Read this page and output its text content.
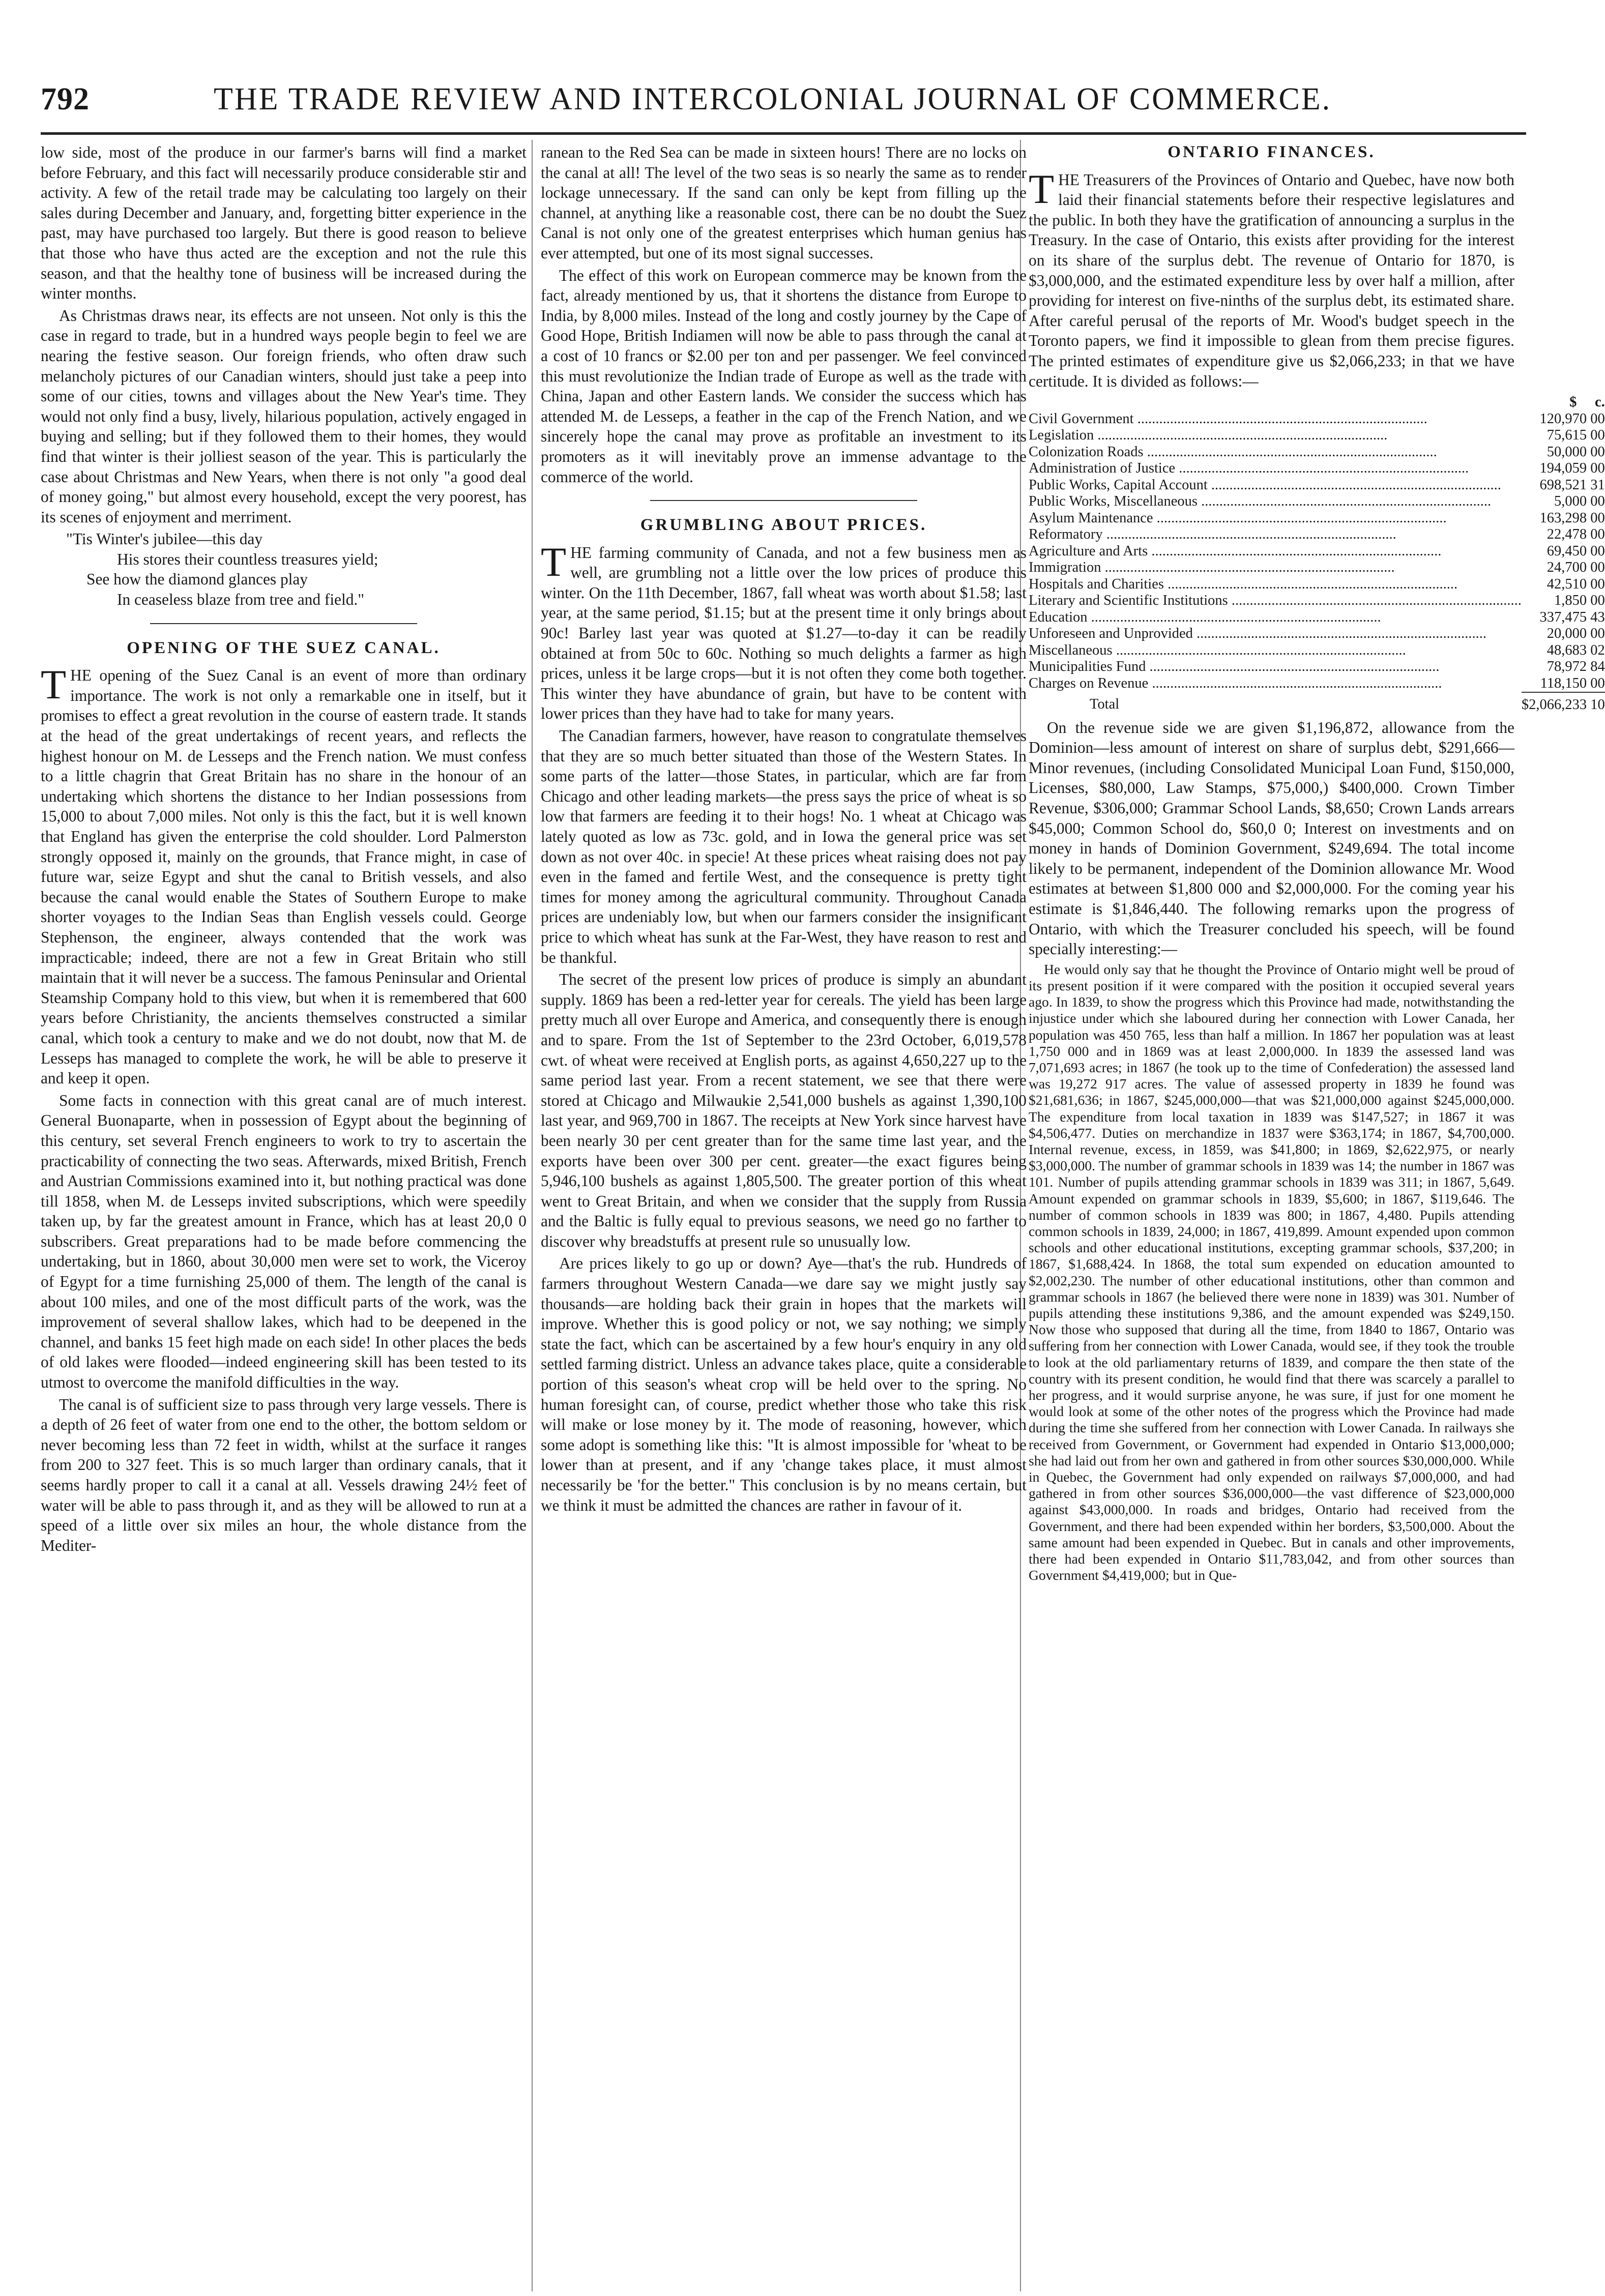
792	THE TRADE REVIEW AND INTERCOLONIAL JOURNAL OF COMMERCE.

low side, most of the produce in our farmer's barns will find a market before February, and this fact will necessarily produce considerable stir and activity. A few of the retail trade may be calculating too largely on their sales during December and January, and, forgetting bitter experience in the past, may have purchased too largely. But there is good reason to believe that those who have thus acted are the exception and not the rule this season, and that the healthy tone of business will be increased during the winter months.

As Christmas draws near, its effects are not unseen. Not only is this the case in regard to trade, but in a hundred ways people begin to feel we are nearing the festive season. Our foreign friends, who often draw such melancholy pictures of our Canadian winters, should just take a peep into some of our cities, towns and villages about the New Year's time. They would not only find a busy, lively, hilarious population, actively engaged in buying and selling; but if they followed them to their homes, they would find that winter is their jolliest season of the year. This is particularly the case about Christmas and New Years, when there is not only "a good deal of money going," but almost every household, except the very poorest, has its scenes of enjoyment and merriment.

"Tis Winter's jubilee—this day
His stores their countless treasures yield;
See how the diamond glances play
In ceaseless blaze from tree and field."
OPENING OF THE SUEZ CANAL.

THE opening of the Suez Canal is an event of more than ordinary importance. The work is not only a remarkable one in itself, but it promises to effect a great revolution in the course of eastern trade. It stands at the head of the great undertakings of recent years, and reflects the highest honour on M. de Lesseps and the French nation. We must confess to a little chagrin that Great Britain has no share in the honour of an undertaking which shortens the distance to her Indian possessions from 15,000 to about 7,000 miles. Not only is this the fact, but it is well known that England has given the enterprise the cold shoulder. Lord Palmerston strongly opposed it, mainly on the grounds, that France might, in case of future war, seize Egypt and shut the canal to British vessels, and also because the canal would enable the States of Southern Europe to make shorter voyages to the Indian Seas than English vessels could. George Stephenson, the engineer, always contended that the work was impracticable; indeed, there are not a few in Great Britain who still maintain that it will never be a success. The famous Peninsular and Oriental Steamship Company hold to this view, but when it is remembered that 600 years before Christianity, the ancients themselves constructed a similar canal, which took a century to make and we do not doubt, now that M. de Lesseps has managed to complete the work, he will be able to preserve it and keep it open.

Some facts in connection with this great canal are of much interest. General Buonaparte, when in possession of Egypt about the beginning of this century, set several French engineers to work to try to ascertain the practicability of connecting the two seas. Afterwards, mixed British, French and Austrian Commissions examined into it, but nothing practical was done till 1858, when M. de Lesseps invited subscriptions, which were speedily taken up, by far the greatest amount in France, which has at least 20,0 0 subscribers. Great preparations had to be made before commencing the undertaking, but in 1860, about 30,000 men were set to work, the Viceroy of Egypt for a time furnishing 25,000 of them. The length of the canal is about 100 miles, and one of the most difficult parts of the work, was the improvement of several shallow lakes, which had to be deepened in the channel, and banks 15 feet high made on each side! In other places the beds of old lakes were flooded—indeed engineering skill has been tested to its utmost to overcome the manifold difficulties in the way.

The canal is of sufficient size to pass through very large vessels. There is a depth of 26 feet of water from one end to the other, the bottom seldom or never becoming less than 72 feet in width, whilst at the surface it ranges from 200 to 327 feet. This is so much larger than ordinary canals, that it seems hardly proper to call it a canal at all. Vessels drawing 24½ feet of water will be able to pass through it, and as they will be allowed to run at a speed of a little over six miles an hour, the whole distance from the Mediter-

ranean to the Red Sea can be made in sixteen hours! There are no locks on the canal at all! The level of the two seas is so nearly the same as to render lockage unnecessary. If the sand can only be kept from filling up the channel, at anything like a reasonable cost, there can be no doubt the Suez Canal is not only one of the greatest enterprises which human genius has ever attempted, but one of its most signal successes.

The effect of this work on European commerce may be known from the fact, already mentioned by us, that it shortens the distance from Europe to India, by 8,000 miles. Instead of the long and costly journey by the Cape of Good Hope, British Indiamen will now be able to pass through the canal at a cost of 10 francs or $2.00 per ton and per passenger. We feel convinced this must revolutionize the Indian trade of Europe as well as the trade with China, Japan and other Eastern lands. We consider the success which has attended M. de Lesseps, a feather in the cap of the French Nation, and we sincerely hope the canal may prove as profitable an investment to its promoters as it will inevitably prove an immense advantage to the commerce of the world.

GRUMBLING ABOUT PRICES.

THE farming community of Canada, and not a few business men as well, are grumbling not a little over the low prices of produce this winter. On the 11th December, 1867, fall wheat was worth about $1.58; last year, at the same period, $1.15; but at the present time it only brings about 90c! Barley last year was quoted at $1.27—to-day it can be readily obtained at from 50c to 60c. Nothing so much delights a farmer as high prices, unless it be large crops—but it is not often they come both together. This winter they have abundance of grain, but have to be content with lower prices than they have had to take for many years.

The Canadian farmers, however, have reason to congratulate themselves that they are so much better situated than those of the Western States. In some parts of the latter—those States, in particular, which are far from Chicago and other leading markets—the press says the price of wheat is so low that farmers are feeding it to their hogs! No. 1 wheat at Chicago was lately quoted as low as 73c. gold, and in Iowa the general price was set down as not over 40c. in specie! At these prices wheat raising does not pay even in the famed and fertile West, and the consequence is pretty tight times for money among the agricultural community. Throughout Canada prices are undeniably low, but when our farmers consider the insignificant price to which wheat has sunk at the Far-West, they have reason to rest and be thankful.

The secret of the present low prices of produce is simply an abundant supply. 1869 has been a red-letter year for cereals. The yield has been large pretty much all over Europe and America, and consequently there is enough and to spare. From the 1st of September to the 23rd October, 6,019,578 cwt. of wheat were received at English ports, as against 4,650,227 up to the same period last year. From a recent statement, we see that there were stored at Chicago and Milwaukie 2,541,000 bushels as against 1,390,100 last year, and 969,700 in 1867. The receipts at New York since harvest have been nearly 30 per cent greater than for the same time last year, and the exports have been over 300 per cent. greater—the exact figures being 5,946,100 bushels as against 1,805,500. The greater portion of this wheat went to Great Britain, and when we consider that the supply from Russia and the Baltic is fully equal to previous seasons, we need go no farther to discover why breadstuffs at present rule so unusually low.

Are prices likely to go up or down? Aye—that's the rub. Hundreds of farmers throughout Western Canada—we dare say we might justly say thousands—are holding back their grain in hopes that the markets will improve. Whether this is good policy or not, we say nothing; we simply state the fact, which can be ascertained by a few hour's enquiry in any old settled farming district. Unless an advance takes place, quite a considerable portion of this season's wheat crop will be held over to the spring. No human foresight can, of course, predict whether those who take this risk will make or lose money by it. The mode of reasoning, however, which some adopt is something like this: "It is almost impossible for 'wheat to be lower than at present, and if any 'change takes place, it must almost necessarily be 'for the better." This conclusion is by no means certain, but we think it must be admitted the chances are rather in favour of it.

ONTARIO FINANCES.

THE Treasurers of the Provinces of Ontario and Quebec, have now both laid their financial statements before their respective legislatures and the public. In both they have the gratification of announcing a surplus in the Treasury. In the case of Ontario, this exists after providing for the interest on its share of the surplus debt. The revenue of Ontario for 1870, is $3,000,000, and the estimated expenditure less by over half a million, after providing for interest on five-ninths of the surplus debt, its estimated share. After careful perusal of the reports of Mr. Wood's budget speech in the Toronto papers, we find it impossible to glean from them precise figures. The printed estimates of expenditure give us $2,066,233; in that we have certitude. It is divided as follows:—

	$ c.
Civil Government ................................................................................	120,970 00
Legislation ................................................................................	75,615 00
Colonization Roads ................................................................................	50,000 00
Administration of Justice ................................................................................	194,059 00
Public Works, Capital Account ................................................................................	698,521 31
Public Works, Miscellaneous ................................................................................	5,000 00
Asylum Maintenance ................................................................................	163,298 00
Reformatory ................................................................................	22,478 00
Agriculture and Arts ................................................................................	69,450 00
Immigration ................................................................................	24,700 00
Hospitals and Charities ................................................................................	42,510 00
Literary and Scientific Institutions ................................................................................	1,850 00
Education ................................................................................	337,475 43
Unforeseen and Unprovided ................................................................................	20,000 00
Miscellaneous ................................................................................	48,683 02
Municipalities Fund ................................................................................	78,972 84
Charges on Revenue ................................................................................	118,150 00
Total	$2,066,233 10

On the revenue side we are given $1,196,872, allowance from the Dominion—less amount of interest on share of surplus debt, $291,666—Minor revenues, (including Consolidated Municipal Loan Fund, $150,000, Licenses, $80,000, Law Stamps, $75,000,) $400,000. Crown Timber Revenue, $306,000; Grammar School Lands, $8,650; Crown Lands arrears $45,000; Common School do, $60,0 0; Interest on investments and on money in hands of Dominion Government, $249,694. The total income likely to be permanent, independent of the Dominion allowance Mr. Wood estimates at between $1,800 000 and $2,000,000. For the coming year his estimate is $1,846,440. The following remarks upon the progress of Ontario, with which the Treasurer concluded his speech, will be found specially interesting:—

He would only say that he thought the Province of Ontario might well be proud of its present position if it were compared with the position it occupied several years ago. In 1839, to show the progress which this Province had made, notwithstanding the injustice under which she laboured during her connection with Lower Canada, her population was 450 765, less than half a million. In 1867 her population was at least 1,750 000 and in 1869 was at least 2,000,000. In 1839 the assessed land was 7,071,693 acres; in 1867 (he took up to the time of Confederation) the assessed land was 19,272 917 acres. The value of assessed property in 1839 he found was $21,681,636; in 1867, $245,000,000—that was $21,000,000 against $245,000,000. The expenditure from local taxation in 1839 was $147,527; in 1867 it was $4,506,477. Duties on merchandize in 1837 were $363,174; in 1867, $4,700,000. Internal revenue, excess, in 1859, was $41,800; in 1869, $2,622,975, or nearly $3,000,000. The number of grammar schools in 1839 was 14; the number in 1867 was 101. Number of pupils attending grammar schools in 1839 was 311; in 1867, 5,649. Amount expended on grammar schools in 1839, $5,600; in 1867, $119,646. The number of common schools in 1839 was 800; in 1867, 4,480. Pupils attending common schools in 1839, 24,000; in 1867, 419,899. Amount expended upon common schools and other educational institutions, excepting grammar schools, $37,200; in 1867, $1,688,424. In 1868, the total sum expended on education amounted to $2,002,230. The number of other educational institutions, other than common and grammar schools in 1867 (he believed there were none in 1839) was 301. Number of pupils attending these institutions 9,386, and the amount expended was $249,150. Now those who supposed that during all the time, from 1840 to 1867, Ontario was suffering from her connection with Lower Canada, would see, if they took the trouble to look at the old parliamentary returns of 1839, and compare the then state of the country with its present condition, he would find that there was scarcely a parallel to her progress, and it would surprise anyone, he was sure, if just for one moment he would look at some of the other notes of the progress which the Province had made during the time she suffered from her connection with Lower Canada. In railways she received from Government, or Government had expended in Ontario $13,000,000; she had laid out from her own and gathered in from other sources $30,000,000. While in Quebec, the Government had only expended on railways $7,000,000, and had gathered in from other sources $36,000,000—the vast difference of $23,000,000 against $43,000,000. In roads and bridges, Ontario had received from the Government, and there had been expended within her borders, $3,500,000. About the same amount had been expended in Quebec. But in canals and other improvements, there had been expended in Ontario $11,783,042, and from other sources than Government $4,419,000; but in Que-
